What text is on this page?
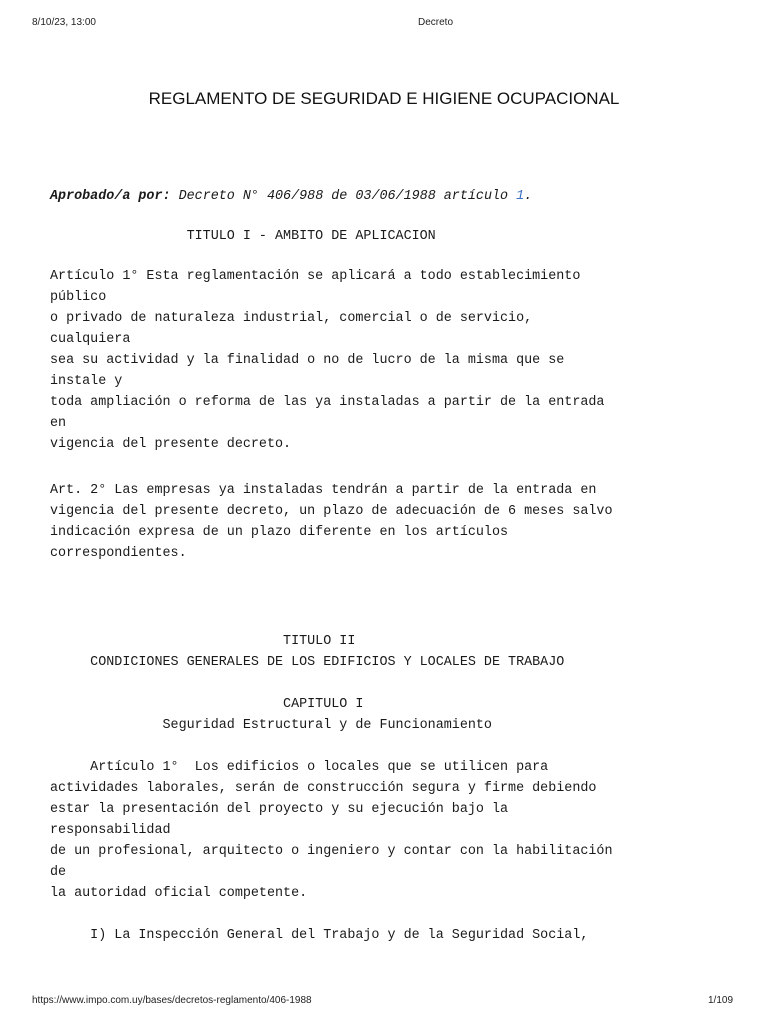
8/10/23, 13:00	Decreto
REGLAMENTO DE SEGURIDAD E HIGIENE OCUPACIONAL

Aprobado/a por: Decreto N° 406/988 de 03/06/1988 artículo 1.

TITULO I - AMBITO DE APLICACION
Artículo 1° Esta reglamentación se aplicará a todo establecimiento
público
o privado de naturaleza industrial, comercial o de servicio,
cualquiera
sea su actividad y la finalidad o no de lucro de la misma que se
instale y
toda ampliación o reforma de las ya instaladas a partir de la entrada
en
vigencia del presente decreto.
Art. 2° Las empresas ya instaladas tendrán a partir de la entrada en
vigencia del presente decreto, un plazo de adecuación de 6 meses salvo
indicación expresa de un plazo diferente en los artículos
correspondientes.
TITULO II
CONDICIONES GENERALES DE LOS EDIFICIOS Y LOCALES DE TRABAJO
CAPITULO I
Seguridad Estructural y de Funcionamiento
Artículo 1°  Los edificios o locales que se utilicen para
actividades laborales, serán de construcción segura y firme debiendo
estar la presentación del proyecto y su ejecución bajo la
responsabilidad
de un profesional, arquitecto o ingeniero y contar con la habilitación
de
la autoridad oficial competente.
I) La Inspección General del Trabajo y de la Seguridad Social,
https://www.impo.com.uy/bases/decretos-reglamento/406-1988	1/109
